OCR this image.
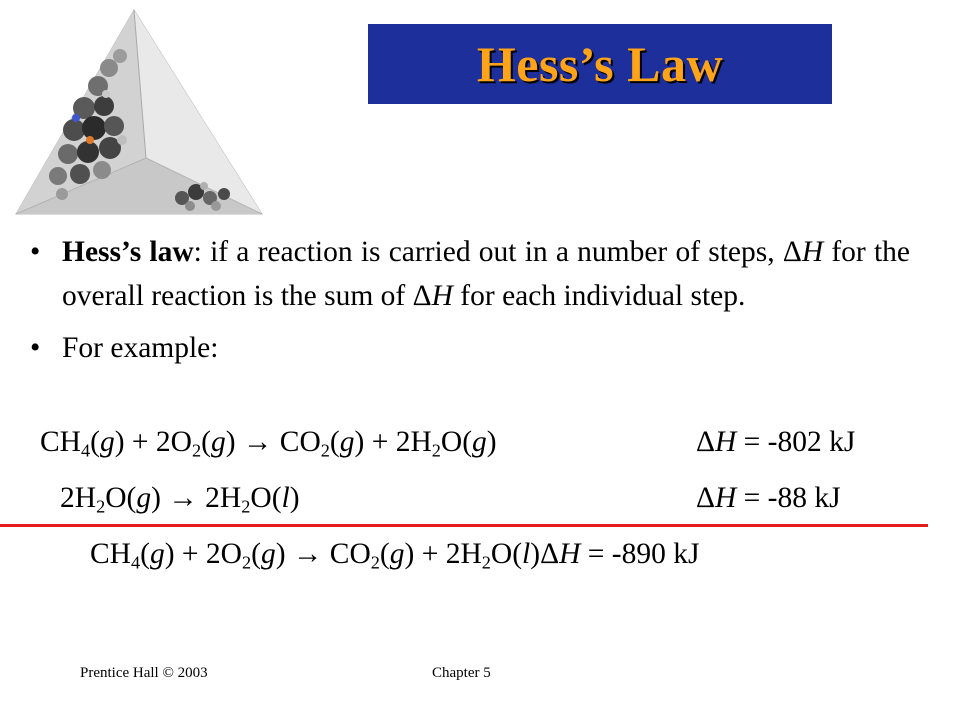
Hess’s Law
• Hess’s law: if a reaction is carried out in a number of steps, ΔH for the overall reaction is the sum of ΔH for each individual step.
• For example:
$CH_4(g) + 2O_2(g) \to CO_2(g) + 2H_2O(g)$	ΔH = -802 kJ
$2H_2O(g) \to 2H_2O(l)$	ΔH = -88 kJ
$CH_4(g) + 2O_2(g) \to CO_2(g) + 2H_2O(l)\Delta H = -890$ kJ
Prentice Hall © 2003	Chapter 5
